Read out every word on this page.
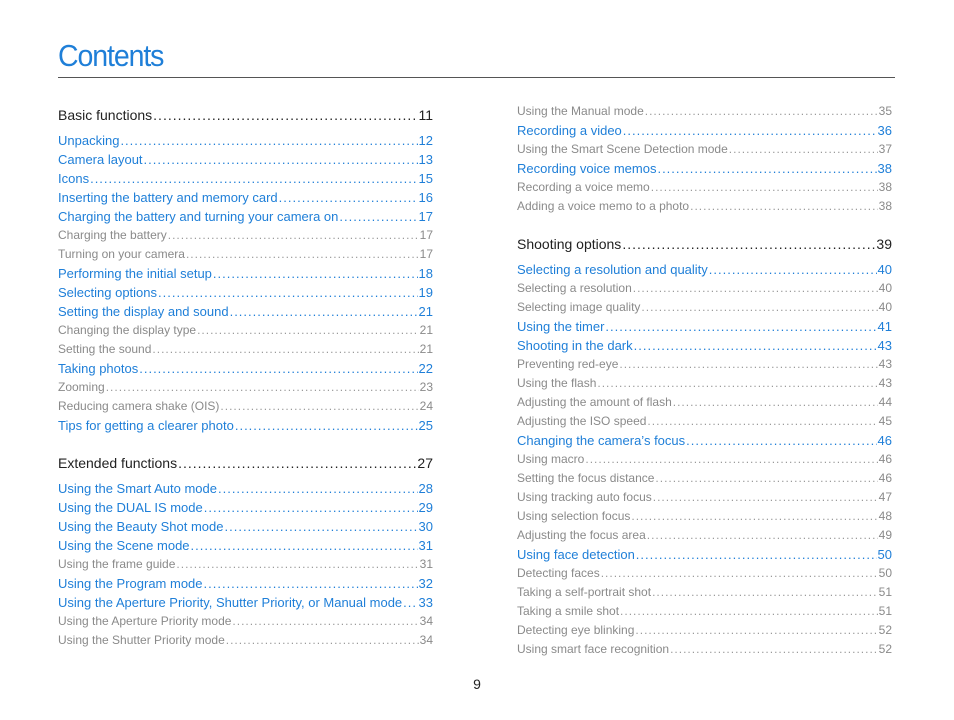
Contents
Basic functions .....	11
Unpacking .....	12
Camera layout .....	13
Icons .....	15
Inserting the battery and memory card .....	16
Charging the battery and turning your camera on .....	17
Charging the battery .....	17
Turning on your camera .....	17
Performing the initial setup .....	18
Selecting options .....	19
Setting the display and sound .....	21
Changing the display type .....	21
Setting the sound .....	21
Taking photos .....	22
Zooming .....	23
Reducing camera shake (OIS) .....	24
Tips for getting a clearer photo .....	25
Extended functions .....	27
Using the Smart Auto mode .....	28
Using the DUAL IS mode .....	29
Using the Beauty Shot mode .....	30
Using the Scene mode .....	31
Using the frame guide .....	31
Using the Program mode .....	32
Using the Aperture Priority, Shutter Priority, or Manual mode ..... 33
Using the Aperture Priority mode .....	34
Using the Shutter Priority mode .....	34
Using the Manual mode .....	35
Recording a video .....	36
Using the Smart Scene Detection mode .....	37
Recording voice memos .....	38
Recording a voice memo .....	38
Adding a voice memo to a photo .....	38
Shooting options .....	39
Selecting a resolution and quality .....	40
Selecting a resolution .....	40
Selecting image quality .....	40
Using the timer .....	41
Shooting in the dark .....	43
Preventing red-eye .....	43
Using the flash .....	43
Adjusting the amount of flash .....	44
Adjusting the ISO speed .....	45
Changing the camera’s focus .....	46
Using macro .....	46
Setting the focus distance .....	46
Using tracking auto focus .....	47
Using selection focus .....	48
Adjusting the focus area .....	49
Using face detection .....	50
Detecting faces .....	50
Taking a self-portrait shot .....	51
Taking a smile shot .....	51
Detecting eye blinking .....	52
Using smart face recognition .....	52
9
